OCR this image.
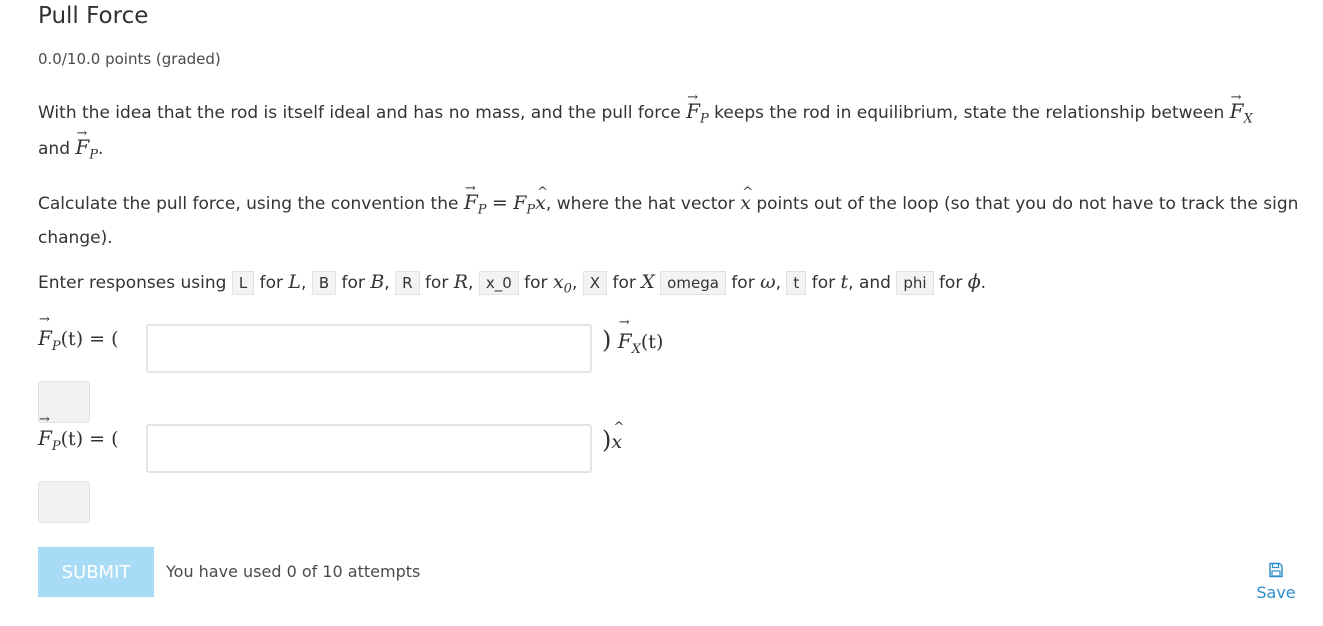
Pull Force
0.0/10.0 points (graded)
With the idea that the rod is itself ideal and has no mass, and the pull force → $F_P$ keeps the rod in equilibrium, state the relationship between → $F_X$
and → $F_P$.
Calculate the pull force, using the convention the → $F_P$ = $F_P\^{}$ x, where the hat vector ^ x points out of the loop (so that you do not have to track the sign change).
Enter responses using L for L, B for B, R for R, x_0 for $x_0$, X for X omega for ω, t for t, and phi for ϕ.
→ $F_P(t)$ = (	) → $F_X(t)$
→ $F_P(t)$ = (	)^ x
SUBMIT	You have used 0 of 10 attempts
Save
